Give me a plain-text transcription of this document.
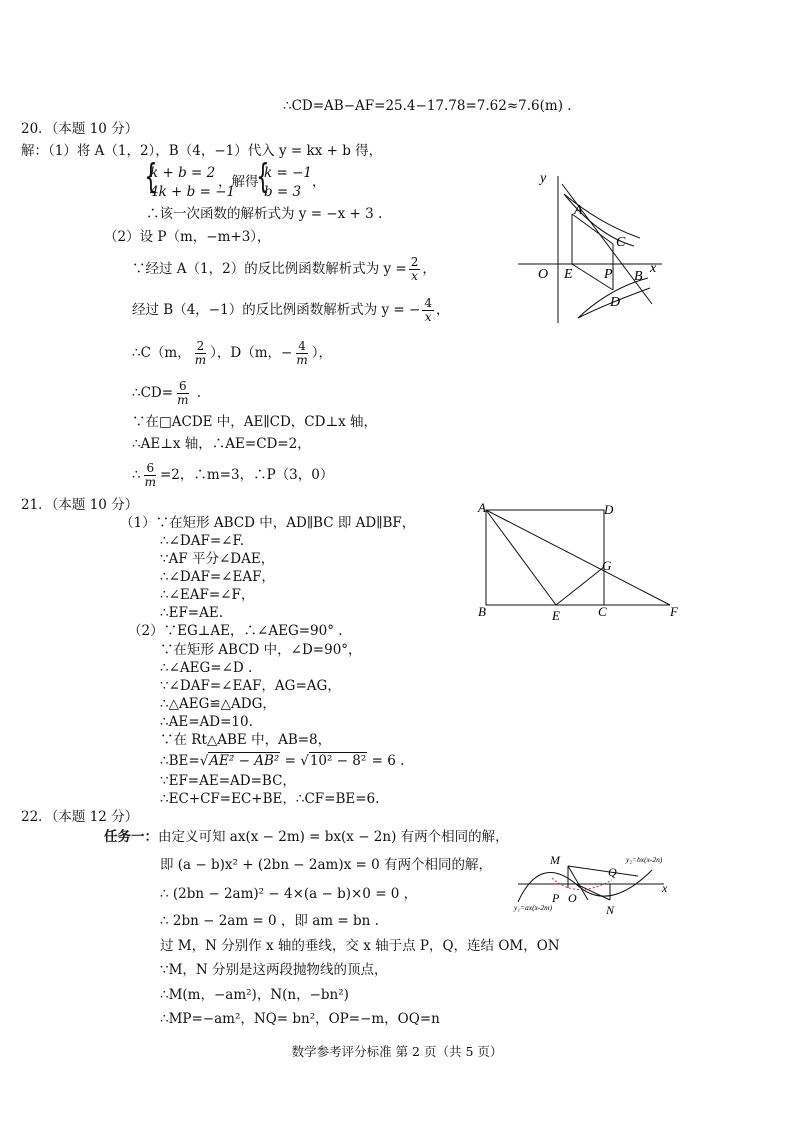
∴CD=AB−AF=25.4−17.78=7.62≈7.6(m) .
20．（本题 10 分）
解：（1）将 A（1，2），B（4，−1）代入 y = kx + b 得，
{
k + b = 2
4k + b = −1
，解得
{
k = −1
b = 3
，
∴该一次函数的解析式为 y = −x + 3 .
（2）设 P（m，−m+3），
∵经过 A（1，2）的反比例函数解析式为 $y = \frac{2}{x}$ ，
经过 B（4，−1）的反比例函数解析式为 y = − $\frac{4}{x}$ ，
∴C（m， $\frac{2}{m}$ ），D（m，− $\frac{4}{m}$ ），
∴CD= $\frac{6}{m}$ .
∵在□ACDE 中，AE∥CD，CD⊥x 轴，
∴AE⊥x 轴，∴AE=CD=2，
∴ $\frac{6}{m} =2$，∴m=3，∴P（3，0）
y
x
O E P B
A
C
D
21．（本题 10 分）
（1）∵在矩形 ABCD 中，AD∥BC 即 AD∥BF，
∴∠DAF=∠F.
∵AF 平分∠DAE，
∴∠DAF=∠EAF，
∴∠EAF=∠F，
∴EF=AE.
（2）∵EG⊥AE，∴∠AEG=90° .
∵在矩形 ABCD 中，∠D=90°，
∴∠AEG=∠D .
∵∠DAF=∠EAF，AG=AG，
∴△AEG≌△ADG，
∴AE=AD=10.
∵在 Rt△ABE 中，AB=8，
∴BE=√AE² − AB² = √10² − 8² = 6 .
∵EF=AE=AD=BC，
∴EC+CF=EC+BE，∴CF=BE=6.
A	D
G
B	E	C	F
22．（本题 12 分）
任务一：由定义可知 ax(x − 2m) = bx(x − 2n) 有两个相同的解，
即 (a − b)x² + (2bn − 2am)x = 0 有两个相同的解，
∴ (2bn − 2am)² − 4×(a − b)×0 = 0 ，
∴ 2bn − 2am = 0 ，即 am = bn .
过 M，N 分别作 x 轴的垂线，交 x 轴于点 P，Q，连结 OM，ON
∵M，N 分别是这两段抛物线的顶点，
∴M(m，−am²)，N(n，−bn²)
∴MP=−am²，NQ= bn²，OP=−m，OQ=n
M
Q
x
P O
N
y₁=ax(x-2m)
y₂=bx(x-2n)
数学参考评分标准 第 2 页（共 5 页）
